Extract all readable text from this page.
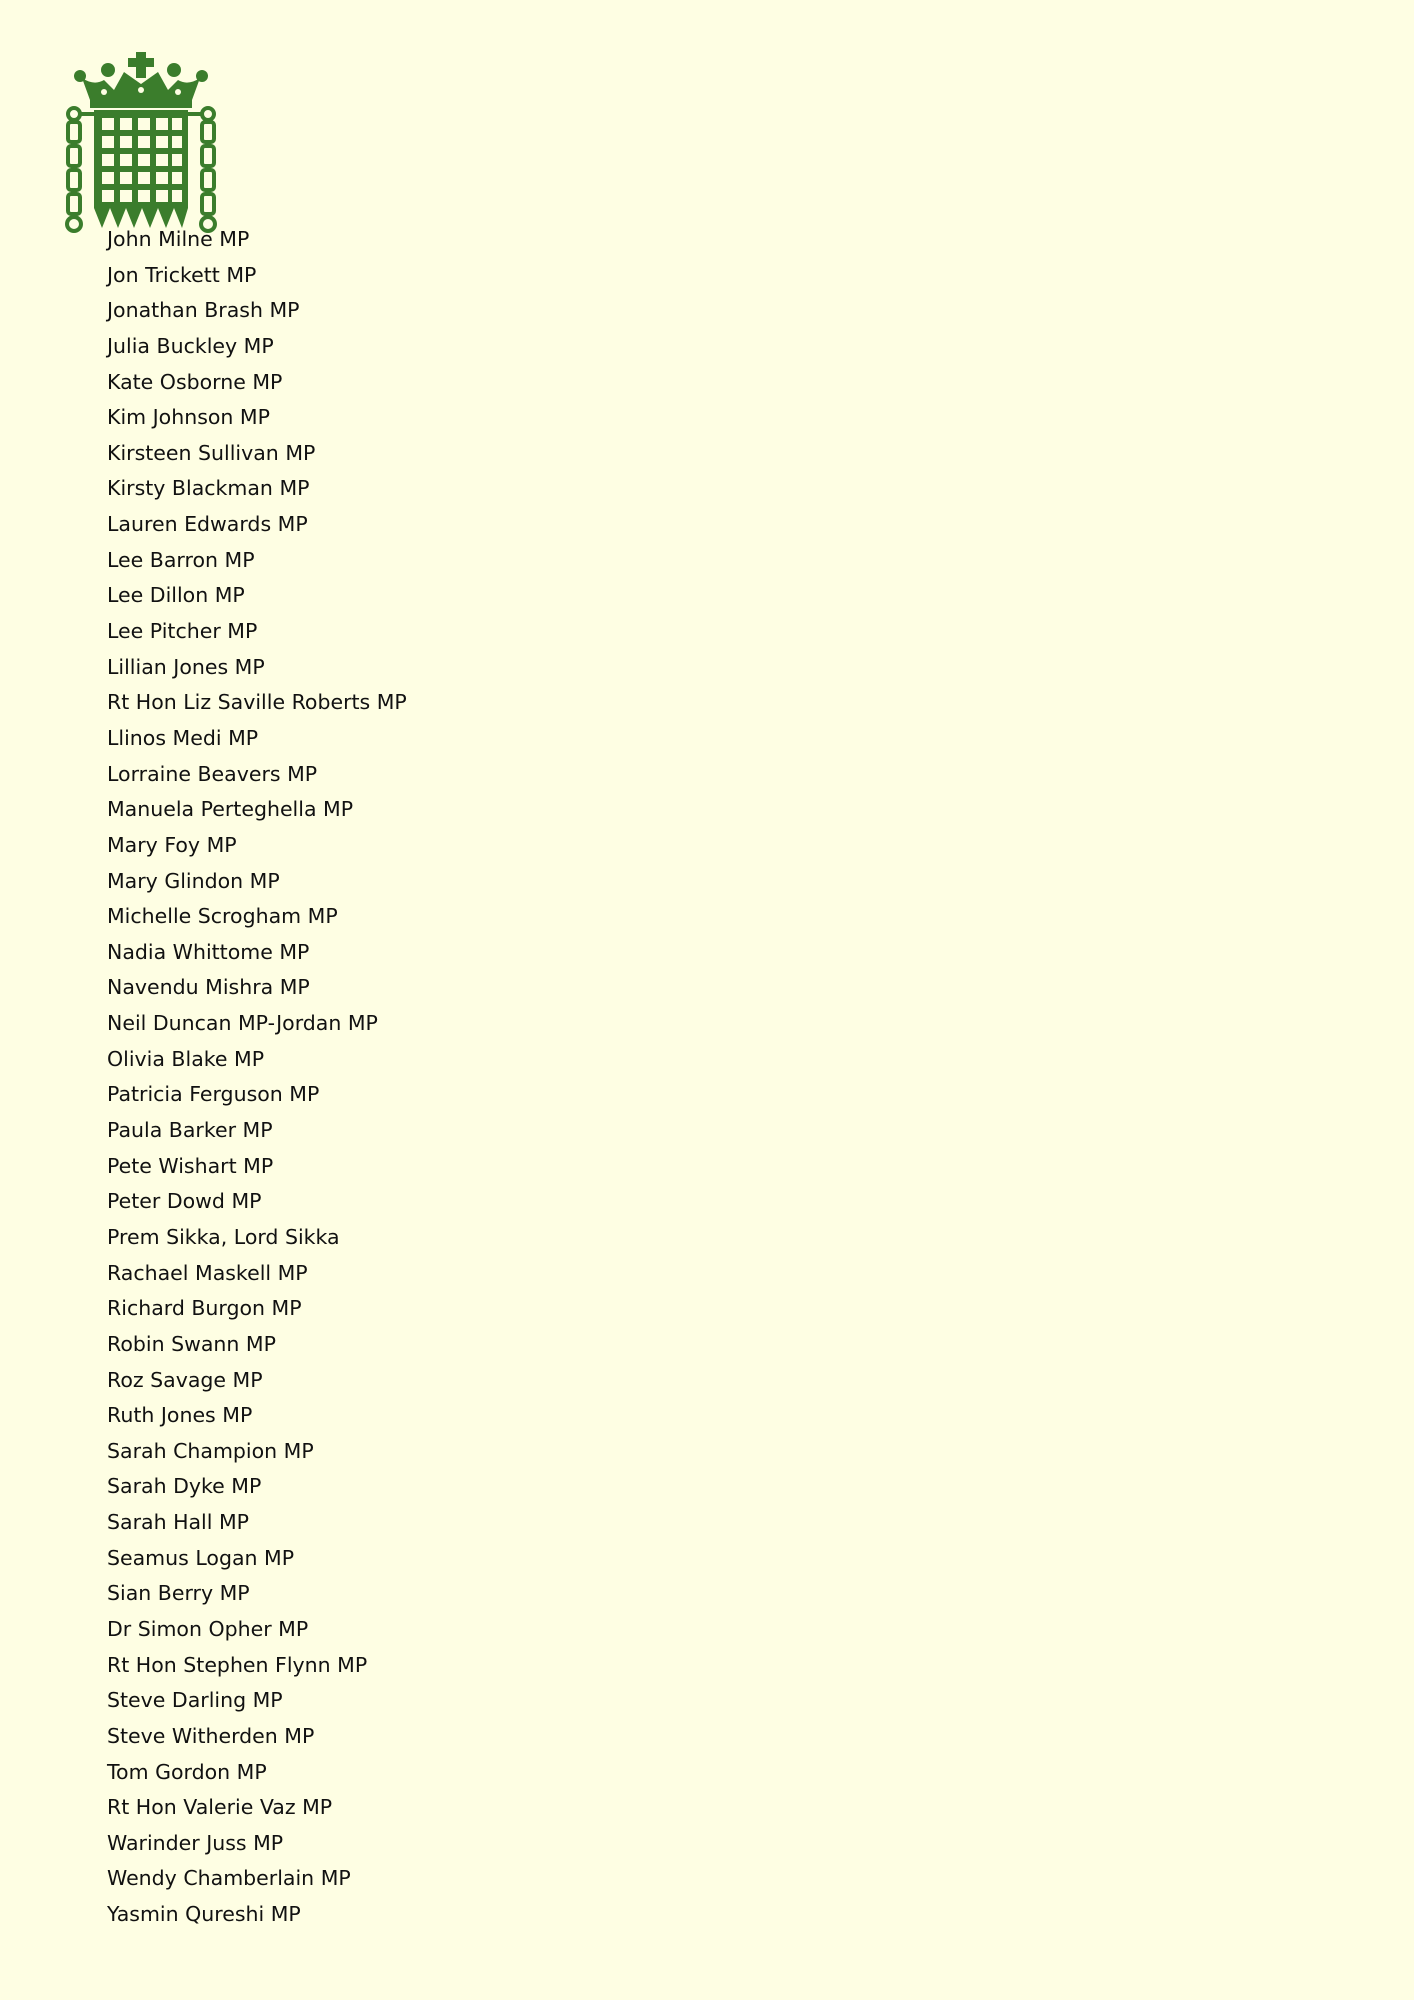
John Milne MP
Jon Trickett MP
Jonathan Brash MP
Julia Buckley MP
Kate Osborne MP
Kim Johnson MP
Kirsteen Sullivan MP
Kirsty Blackman MP
Lauren Edwards MP
Lee Barron MP
Lee Dillon MP
Lee Pitcher MP
Lillian Jones MP
Rt Hon Liz Saville Roberts MP
Llinos Medi MP
Lorraine Beavers MP
Manuela Perteghella MP
Mary Foy MP
Mary Glindon MP
Michelle Scrogham MP
Nadia Whittome MP
Navendu Mishra MP
Neil Duncan MP-Jordan MP
Olivia Blake MP
Patricia Ferguson MP
Paula Barker MP
Pete Wishart MP
Peter Dowd MP
Prem Sikka, Lord Sikka
Rachael Maskell MP
Richard Burgon MP
Robin Swann MP
Roz Savage MP
Ruth Jones MP
Sarah Champion MP
Sarah Dyke MP
Sarah Hall MP
Seamus Logan MP
Sian Berry MP
Dr Simon Opher MP
Rt Hon Stephen Flynn MP
Steve Darling MP
Steve Witherden MP
Tom Gordon MP
Rt Hon Valerie Vaz MP
Warinder Juss MP
Wendy Chamberlain MP
Yasmin Qureshi MP
